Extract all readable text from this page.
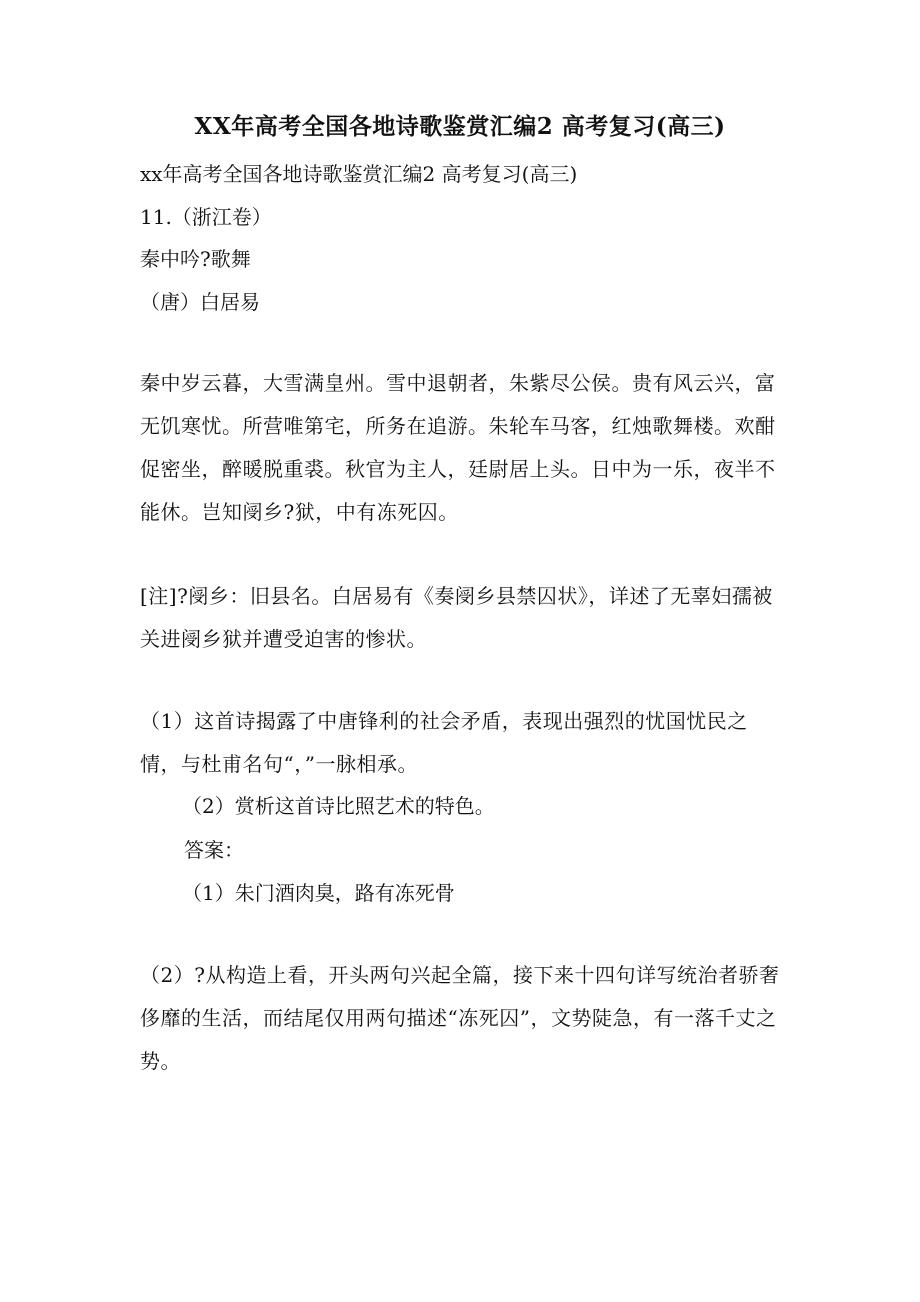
XX年高考全国各地诗歌鉴赏汇编2 高考复习(高三)
xx年高考全国各地诗歌鉴赏汇编2 高考复习(高三)
11.（浙江卷）
秦中吟?歌舞
（唐）白居易
秦中岁云暮，大雪满皇州。雪中退朝者，朱紫尽公侯。贵有风云兴，富无饥寒忧。所营唯第宅，所务在追游。朱轮车马客，红烛歌舞楼。欢酣促密坐，醉暖脱重裘。秋官为主人，廷尉居上头。日中为一乐，夜半不能休。岂知阌乡?狱，中有冻死囚。
[注]?阌乡：旧县名。白居易有《奏阌乡县禁囚状》，详述了无辜妇孺被关进阌乡狱并遭受迫害的惨状。
（1）这首诗揭露了中唐锋利的社会矛盾，表现出强烈的忧国忧民之情，与杜甫名句“，”一脉相承。
（2）赏析这首诗比照艺术的特色。
答案：
（1）朱门酒肉臭，路有冻死骨
（2）?从构造上看，开头两句兴起全篇，接下来十四句详写统治者骄奢侈靡的生活，而结尾仅用两句描述“冻死囚”，文势陡急，有一落千丈之势。
